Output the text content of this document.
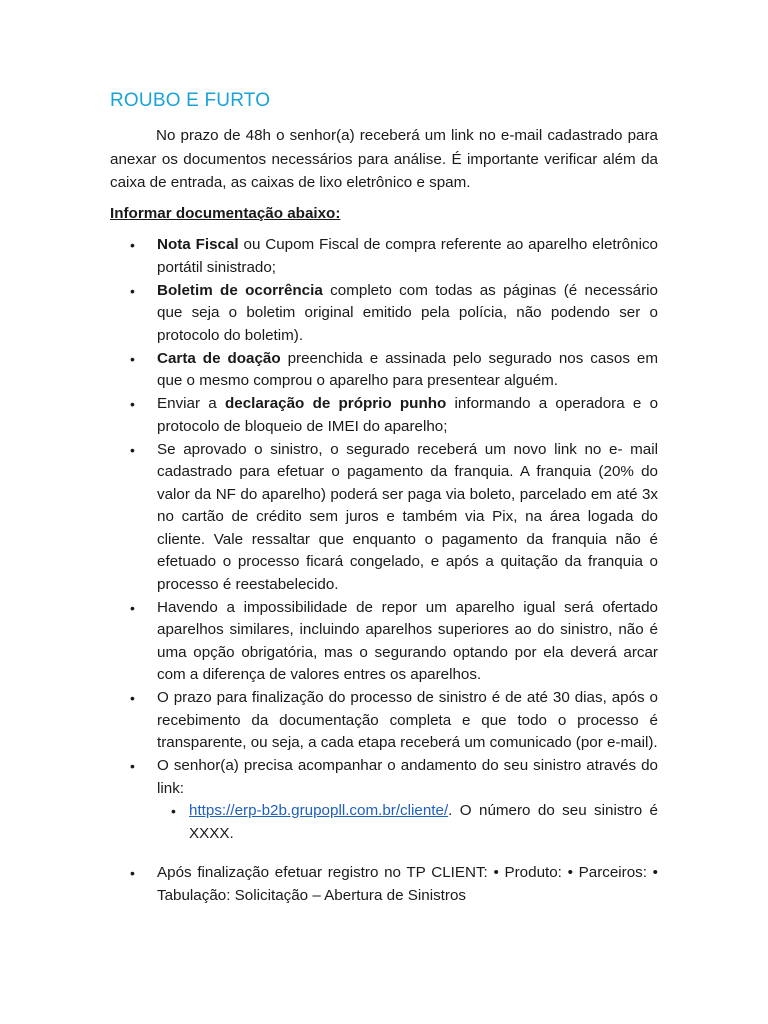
ROUBO E FURTO

No prazo de 48h o senhor(a) receberá um link no e-mail cadastrado para anexar os documentos necessários para análise. É importante verificar além da caixa de entrada, as caixas de lixo eletrônico e spam.

Informar documentação abaixo:
• Nota Fiscal ou Cupom Fiscal de compra referente ao aparelho eletrônico portátil sinistrado;
• Boletim de ocorrência completo com todas as páginas (é necessário que seja o boletim original emitido pela polícia, não podendo ser o protocolo do boletim).
• Carta de doação preenchida e assinada pelo segurado nos casos em que o mesmo comprou o aparelho para presentear alguém.
• Enviar a declaração de próprio punho informando a operadora e o protocolo de bloqueio de IMEI do aparelho;
• Se aprovado o sinistro, o segurado receberá um novo link no e- mail cadastrado para efetuar o pagamento da franquia. A franquia (20% do valor da NF do aparelho) poderá ser paga via boleto, parcelado em até 3x no cartão de crédito sem juros e também via Pix, na área logada do cliente. Vale ressaltar que enquanto o pagamento da franquia não é efetuado o processo ficará congelado, e após a quitação da franquia o processo é reestabelecido.
• Havendo a impossibilidade de repor um aparelho igual será ofertado aparelhos similares, incluindo aparelhos superiores ao do sinistro, não é uma opção obrigatória, mas o segurando optando por ela deverá arcar com a diferença de valores entres os aparelhos.
• O prazo para finalização do processo de sinistro é de até 30 dias, após o recebimento da documentação completa e que todo o processo é transparente, ou seja, a cada etapa receberá um comunicado (por e-mail).
• O senhor(a) precisa acompanhar o andamento do seu sinistro através do link:
• https://erp-b2b.grupopll.com.br/cliente/. O número do seu sinistro é XXXX.
• Após finalização efetuar registro no TP CLIENT: • Produto: • Parceiros: • Tabulação: Solicitação – Abertura de Sinistros
